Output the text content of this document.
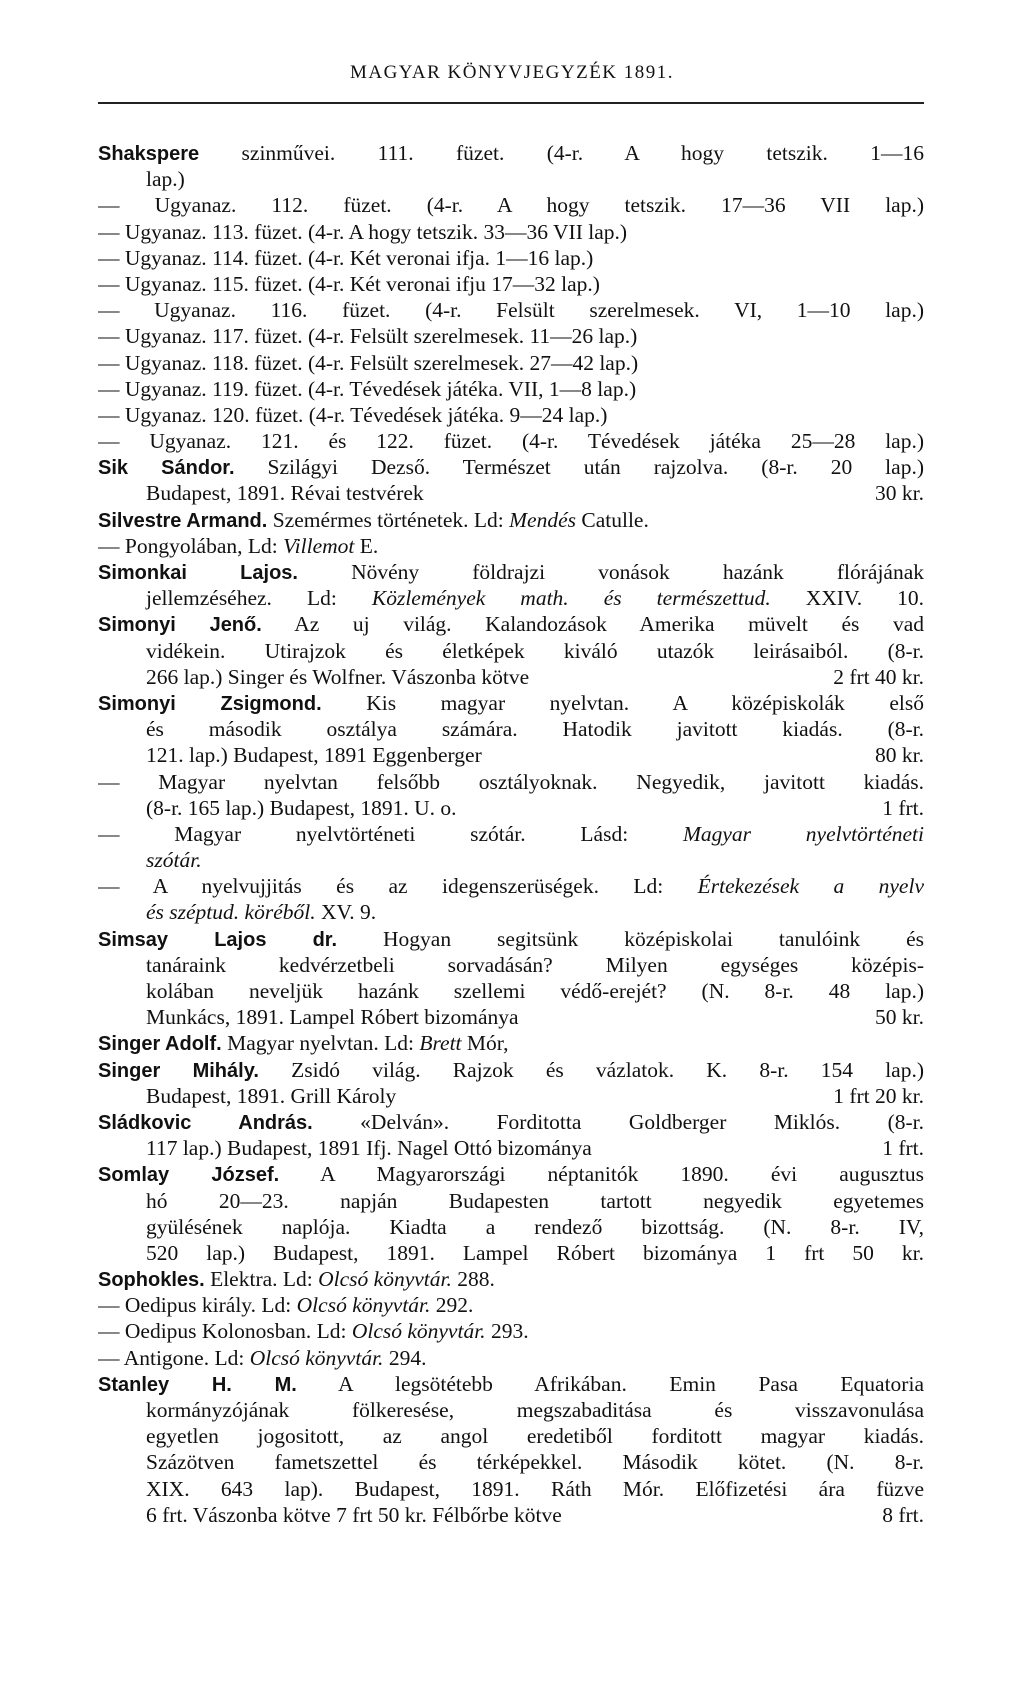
MAGYAR KÖNYVJEGYZÉK 1891.
Shakspere szinművei. 111. füzet. (4-r. A hogy tetszik. 1—16
lap.)
— Ugyanaz. 112. füzet. (4-r. A hogy tetszik. 17—36 VII lap.)
— Ugyanaz. 113. füzet. (4-r. A hogy tetszik. 33—36 VII lap.)
— Ugyanaz. 114. füzet. (4-r. Két veronai ifja. 1—16 lap.)
— Ugyanaz. 115. füzet. (4-r. Két veronai ifju 17—32 lap.)
— Ugyanaz. 116. füzet. (4-r. Felsült szerelmesek. VI, 1—10 lap.)
— Ugyanaz. 117. füzet. (4-r. Felsült szerelmesek. 11—26 lap.)
— Ugyanaz. 118. füzet. (4-r. Felsült szerelmesek. 27—42 lap.)
— Ugyanaz. 119. füzet. (4-r. Tévedések játéka. VII, 1—8 lap.)
— Ugyanaz. 120. füzet. (4-r. Tévedések játéka. 9—24 lap.)
— Ugyanaz. 121. és 122. füzet. (4-r. Tévedések játéka 25—28 lap.)
Sik Sándor. Szilágyi Dezső. Természet után rajzolva. (8-r. 20 lap.)
30 kr.
Budapest, 1891. Révai testvérek
Silvestre Armand. Szemérmes történetek. Ld: Mendés Catulle.
— Pongyolában, Ld: Villemot E.
Simonkai Lajos. Növény földrajzi vonások hazánk flórájának
jellemzéséhez. Ld: Közlemények math. és természettud. XXIV. 10.
Simonyi Jenő. Az uj világ. Kalandozások Amerika müvelt és vad
vidékein. Utirajzok és életképek kiváló utazók leirásaiból. (8-r.
2 frt 40 kr.
266 lap.) Singer és Wolfner. Vászonba kötve
Simonyi Zsigmond. Kis magyar nyelvtan. A középiskolák első
és második osztálya számára. Hatodik javitott kiadás. (8-r.
80 kr.
121. lap.) Budapest, 1891 Eggenberger
— Magyar nyelvtan felsőbb osztályoknak. Negyedik, javitott kiadás.
1 frt.
(8-r. 165 lap.) Budapest, 1891. U. o.
— Magyar nyelvtörténeti szótár. Lásd: Magyar nyelvtörténeti
szótár.
— A nyelvujjitás és az idegenszerüségek. Ld: Értekezések a nyelv
és széptud. köréből. XV. 9.
Simsay Lajos dr. Hogyan segitsünk középiskolai tanulóink és
tanáraink kedvérzetbeli sorvadásán? Milyen egységes középis-
kolában neveljük hazánk szellemi védő-erejét? (N. 8-r. 48 lap.)
50 kr.
Munkács, 1891. Lampel Róbert bizománya
Singer Adolf. Magyar nyelvtan. Ld: Brett Mór,
Singer Mihály. Zsidó világ. Rajzok és vázlatok. K. 8-r. 154 lap.)
1 frt 20 kr.
Budapest, 1891. Grill Károly
Sládkovic András. «Delván». Forditotta Goldberger Miklós. (8-r.
1 frt.
117 lap.) Budapest, 1891 Ifj. Nagel Ottó bizománya
Somlay József. A Magyarországi néptanitók 1890. évi augusztus
hó 20—23. napján Budapesten tartott negyedik egyetemes
gyülésének naplója. Kiadta a rendező bizottság. (N. 8-r. IV,
520 lap.) Budapest, 1891. Lampel Róbert bizománya 1 frt 50 kr.
Sophokles. Elektra. Ld: Olcsó könyvtár. 288.
— Oedipus király. Ld: Olcsó könyvtár. 292.
— Oedipus Kolonosban. Ld: Olcsó könyvtár. 293.
— Antigone. Ld: Olcsó könyvtár. 294.
Stanley H. M. A legsötétebb Afrikában. Emin Pasa Equatoria
kormányzójának fölkeresése, megszabaditása és visszavonulása
egyetlen jogositott, az angol eredetiből forditott magyar kiadás.
Százötven fametszettel és térképekkel. Második kötet. (N. 8-r.
XIX. 643 lap). Budapest, 1891. Ráth Mór. Előfizetési ára füzve
8 frt.
6 frt. Vászonba kötve 7 frt 50 kr. Félbőrbe kötve
